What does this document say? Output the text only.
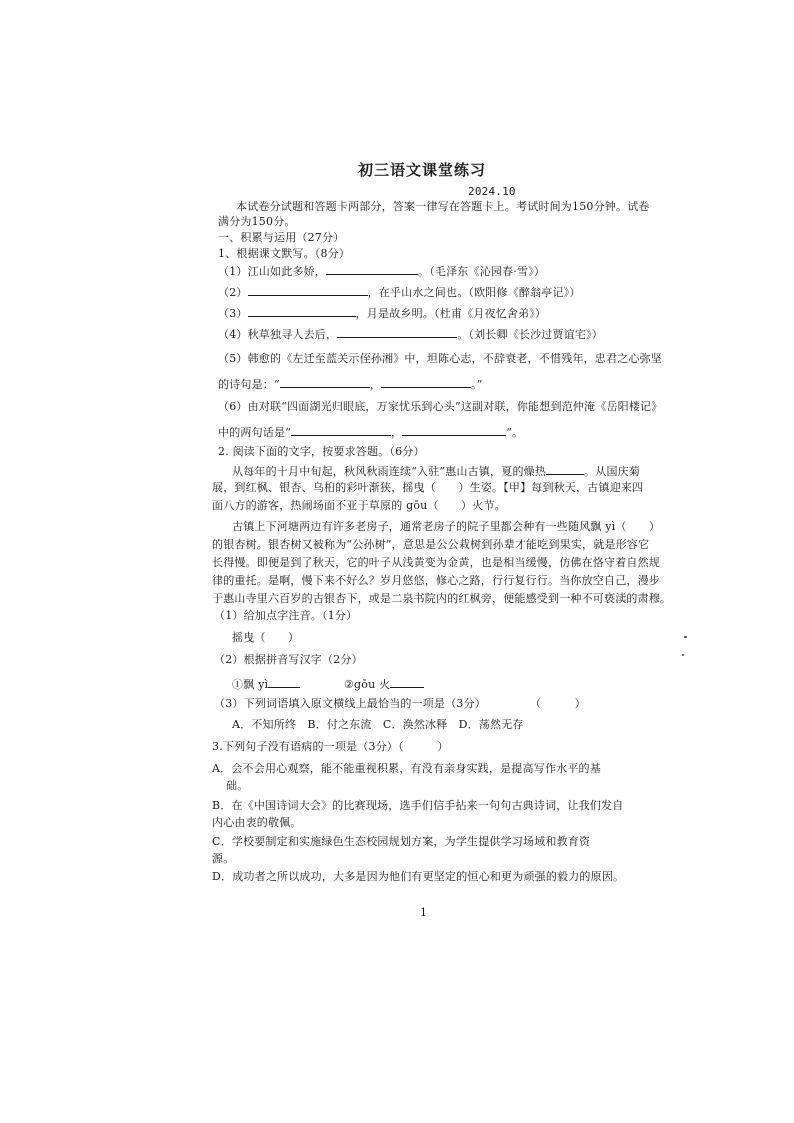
初三语文课堂练习
2024.10
本试卷分试题和答题卡两部分，答案一律写在答题卡上。考试时间为150分钟。试卷
满分为150分。
一、积累与运用（27分）
1、根据课文默写。（8分）
（1）江山如此多娇，	。（毛泽东《沁园春·雪》）
（2）	，在乎山水之间也。（欧阳修《醉翁亭记》）
（3）	，月是故乡明。（杜甫《月夜忆舍弟》）
（4）秋草独寻人去后，	。（刘长卿《长沙过贾谊宅》）
（5）韩愈的《左迁至蓝关示侄孙湘》中，坦陈心志，不辞衰老，不惜残年，忠君之心弥坚
的诗句是：“	，	。”
（6）由对联“四面湖光归眼底，万家忧乐到心头”这副对联，你能想到范仲淹《岳阳楼记》
中的两句话是“	，	”。
2. 阅读下面的文字，按要求答题。（6分）
从每年的十月中旬起，秋风秋雨连续“入驻”惠山古镇，夏的燥热	。从国庆菊
展，到红枫、银杏、乌桕的彩叶渐狭，摇曳（　　）生姿。【甲】每到秋天，古镇迎来四
面八方的游客，热闹场面不亚于草原的 gōu（　　）火节。
古镇上下河塘两边有许多老房子，通常老房子的院子里都会种有一些随风飘 yì（　　）
的银杏树。银杏树又被称为“公孙树”，意思是公公栽树到孙辈才能吃到果实，就是形容它
长得慢。即便是到了秋天，它的叶子从浅黄变为金黄，也是相当缓慢，仿佛在恪守着自然规
律的重托。是啊，慢下来不好么？岁月悠悠，修心之路，行行复行行。当你放空自己，漫步
于惠山寺里六百岁的古银杏下，或是二泉书院内的红枫旁，便能感受到一种不可亵渎的肃穆。
（1）给加点字注音。（1分）
摇曳（　　）
（2）根据拼音写汉字（2分）
①飘 yì	②gōu 火
（3）下列词语填入原文横线上最恰当的一项是（3分）	（　　　）
A．不知所终　B．付之东流　C．涣然冰释　D．荡然无存
3.下列句子没有语病的一项是（3分）（　　　）
A．会不会用心观察，能不能重视积累，有没有亲身实践，是提高写作水平的基
础。
B．在《中国诗词大会》的比赛现场，选手们信手拈来一句句古典诗词，让我们发自
内心由衷的敬佩。
C．学校要制定和实施绿色生态校园规划方案，为学生提供学习场域和教育资
源。
D．成功者之所以成功，大多是因为他们有更坚定的恒心和更为顽强的毅力的原因。
1
